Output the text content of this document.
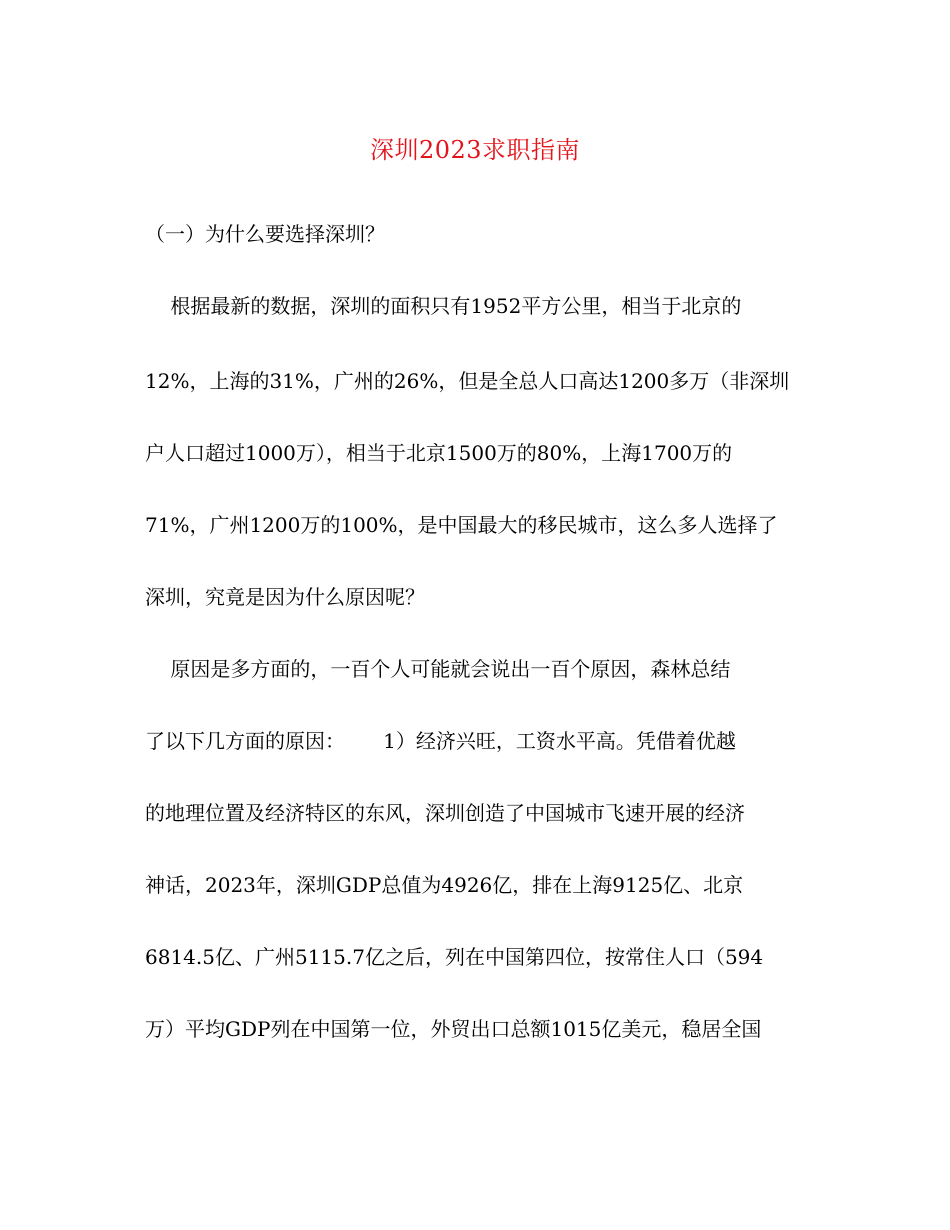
深圳2023求职指南
（一）为什么要选择深圳？
根据最新的数据，深圳的面积只有1952平方公里，相当于北京的
12%，上海的31%，广州的26%，但是全总人口高达1200多万（非深圳
户人口超过1000万），相当于北京1500万的80%，上海1700万的
71%，广州1200万的100%，是中国最大的移民城市，这么多人选择了
深圳，究竟是因为什么原因呢？
原因是多方面的，一百个人可能就会说出一百个原因，森林总结
了以下几方面的原因：      1）经济兴旺，工资水平高。凭借着优越
的地理位置及经济特区的东风，深圳创造了中国城市飞速开展的经济
神话，2023年，深圳GDP总值为4926亿，排在上海9125亿、北京
6814.5亿、广州5115.7亿之后，列在中国第四位，按常住人口（594
万）平均GDP列在中国第一位，外贸出口总额1015亿美元，稳居全国
